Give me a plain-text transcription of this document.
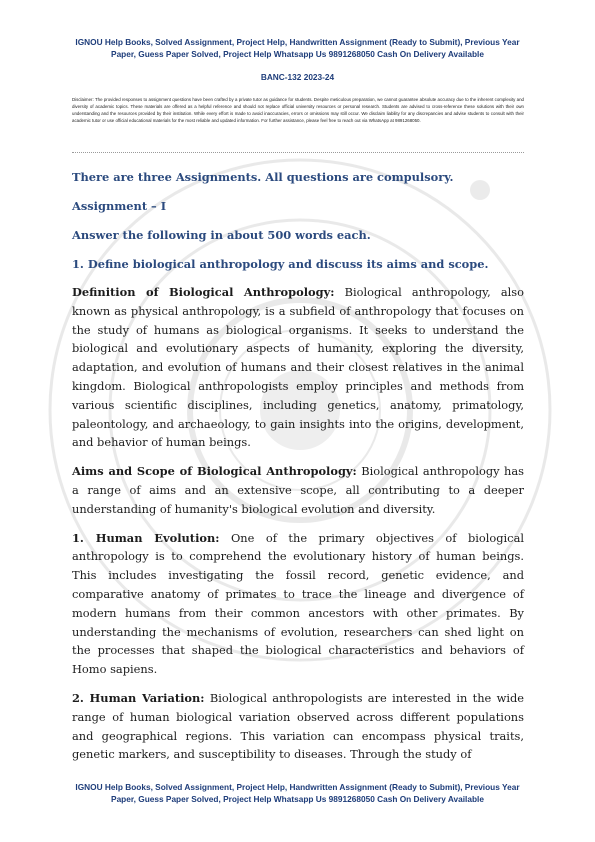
IGNOU Help Books, Solved Assignment, Project Help, Handwritten Assignment (Ready to Submit), Previous Year Paper, Guess Paper Solved, Project Help Whatsapp Us 9891268050 Cash On Delivery Available
BANC-132 2023-24
Disclaimer: The provided responses to assignment questions have been crafted by a private tutor as guidance for students. Despite meticulous preparation, we cannot guarantee absolute accuracy due to the inherent complexity and diversity of academic topics. These materials are offered as a helpful reference and should not replace official university resources or personal research. Students are advised to cross-reference these solutions with their own understanding and the resources provided by their institution. While every effort is made to avoid inaccuracies, errors or omissions may still occur. We disclaim liability for any discrepancies and advise students to consult with their academic tutor or use official educational materials for the most reliable and updated information. For further assistance, please feel free to reach out via WhatsApp at 9891268050.
There are three Assignments. All questions are compulsory.
Assignment – I
Answer the following in about 500 words each.
1. Define biological anthropology and discuss its aims and scope.

Definition of Biological Anthropology: Biological anthropology, also known as physical anthropology, is a subfield of anthropology that focuses on the study of humans as biological organisms. It seeks to understand the biological and evolutionary aspects of humanity, exploring the diversity, adaptation, and evolution of humans and their closest relatives in the animal kingdom. Biological anthropologists employ principles and methods from various scientific disciplines, including genetics, anatomy, primatology, paleontology, and archaeology, to gain insights into the origins, development, and behavior of human beings.

Aims and Scope of Biological Anthropology: Biological anthropology has a range of aims and an extensive scope, all contributing to a deeper understanding of humanity's biological evolution and diversity.

1. Human Evolution: One of the primary objectives of biological anthropology is to comprehend the evolutionary history of human beings. This includes investigating the fossil record, genetic evidence, and comparative anatomy of primates to trace the lineage and divergence of modern humans from their common ancestors with other primates. By understanding the mechanisms of evolution, researchers can shed light on the processes that shaped the biological characteristics and behaviors of Homo sapiens.

2. Human Variation: Biological anthropologists are interested in the wide range of human biological variation observed across different populations and geographical regions. This variation can encompass physical traits, genetic markers, and susceptibility to diseases. Through the study of

IGNOU Help Books, Solved Assignment, Project Help, Handwritten Assignment (Ready to Submit), Previous Year Paper, Guess Paper Solved, Project Help Whatsapp Us 9891268050 Cash On Delivery Available
